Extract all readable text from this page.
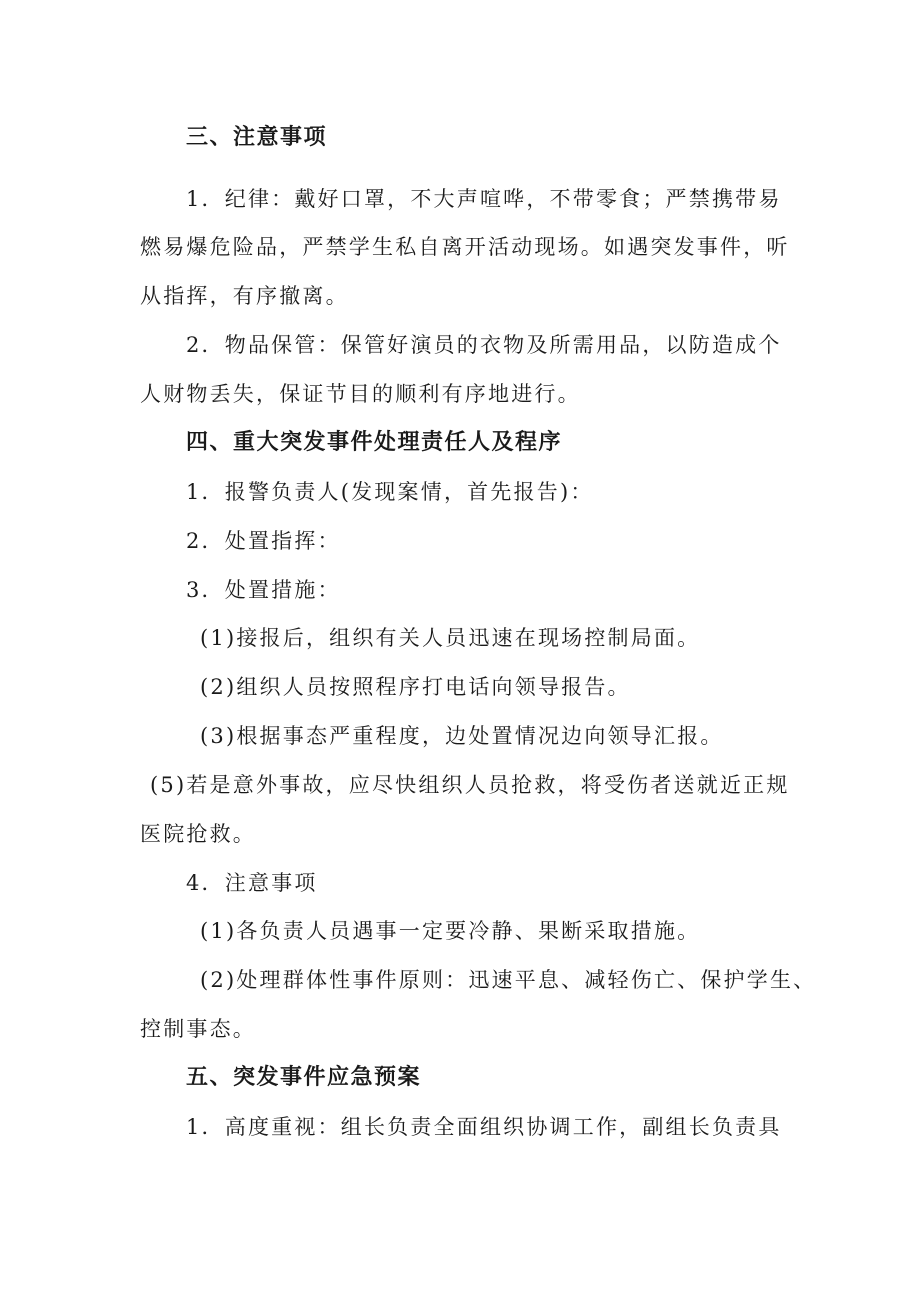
三、注意事项
1．纪律：戴好口罩，不大声喧哗，不带零食；严禁携带易
燃易爆危险品，严禁学生私自离开活动现场。如遇突发事件，听
从指挥，有序撤离。
2．物品保管：保管好演员的衣物及所需用品，以防造成个
人财物丢失，保证节目的顺利有序地进行。
四、重大突发事件处理责任人及程序
1．报警负责人(发现案情，首先报告)：
2．处置指挥：
3．处置措施：
(1)接报后，组织有关人员迅速在现场控制局面。
(2)组织人员按照程序打电话向领导报告。
(3)根据事态严重程度，边处置情况边向领导汇报。
(5)若是意外事故，应尽快组织人员抢救，将受伤者送就近正规
医院抢救。
4．注意事项
(1)各负责人员遇事一定要冷静、果断采取措施。
(2)处理群体性事件原则：迅速平息、减轻伤亡、保护学生、
控制事态。
五、突发事件应急预案
1．高度重视：组长负责全面组织协调工作，副组长负责具
